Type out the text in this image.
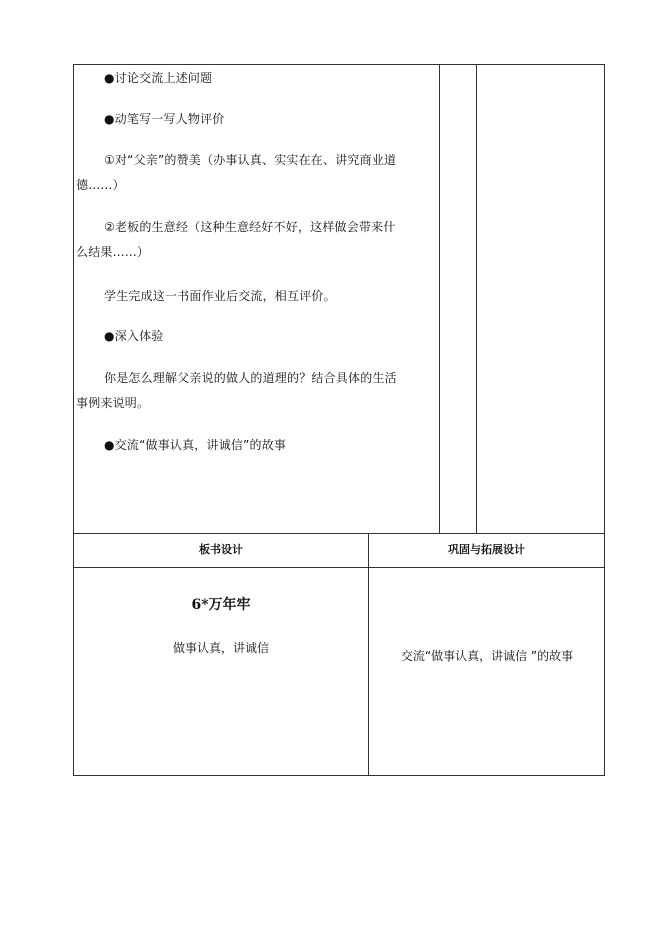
●讨论交流上述问题

●动笔写一写人物评价

①对“父亲”的赞美（办事认真、实实在在、讲究商业道

德……）

②老板的生意经（这种生意经好不好，这样做会带来什

么结果……）

学生完成这一书面作业后交流，相互评价。

●深入体验

你是怎么理解父亲说的做人的道理的？结合具体的生活

事例来说明。

●交流“做事认真，讲诚信”的故事

板书设计	巩固与拓展设计
6*万年牢
做事认真，讲诚信
交流“做事认真，讲诚信 ”的故事
